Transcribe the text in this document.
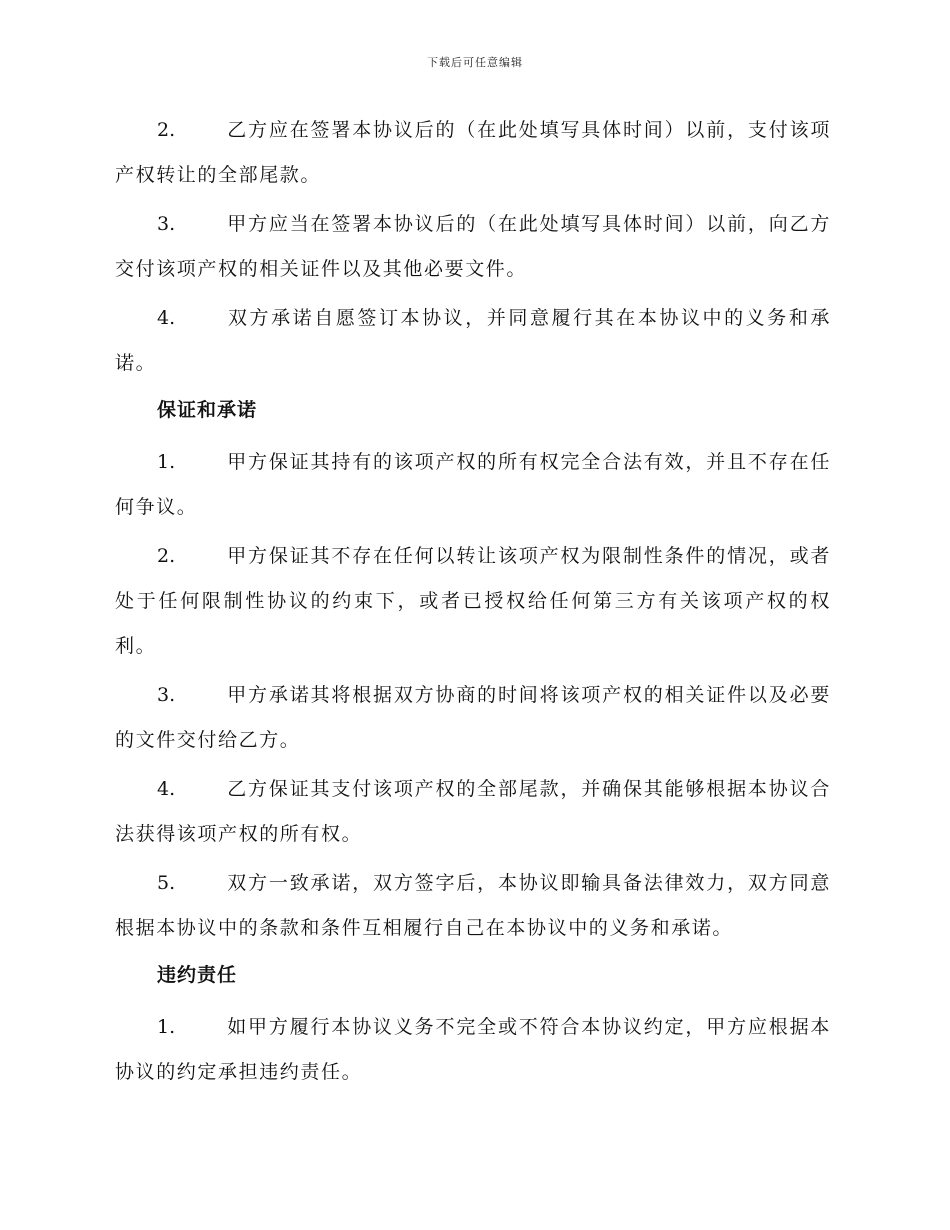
下载后可任意编辑

2.	乙方应在签署本协议后的（在此处填写具体时间）以前，支付该项产权转让的全部尾款。

3.	甲方应当在签署本协议后的（在此处填写具体时间）以前，向乙方交付该项产权的相关证件以及其他必要文件。

4.	双方承诺自愿签订本协议，并同意履行其在本协议中的义务和承诺。

保证和承诺

1.	甲方保证其持有的该项产权的所有权完全合法有效，并且不存在任何争议。

2.	甲方保证其不存在任何以转让该项产权为限制性条件的情况，或者处于任何限制性协议的约束下，或者已授权给任何第三方有关该项产权的权利。

3.	甲方承诺其将根据双方协商的时间将该项产权的相关证件以及必要的文件交付给乙方。

4.	乙方保证其支付该项产权的全部尾款，并确保其能够根据本协议合法获得该项产权的所有权。

5.	双方一致承诺，双方签字后，本协议即输具备法律效力，双方同意根据本协议中的条款和条件互相履行自己在本协议中的义务和承诺。

违约责任

1.	如甲方履行本协议义务不完全或不符合本协议约定，甲方应根据本协议的约定承担违约责任。
